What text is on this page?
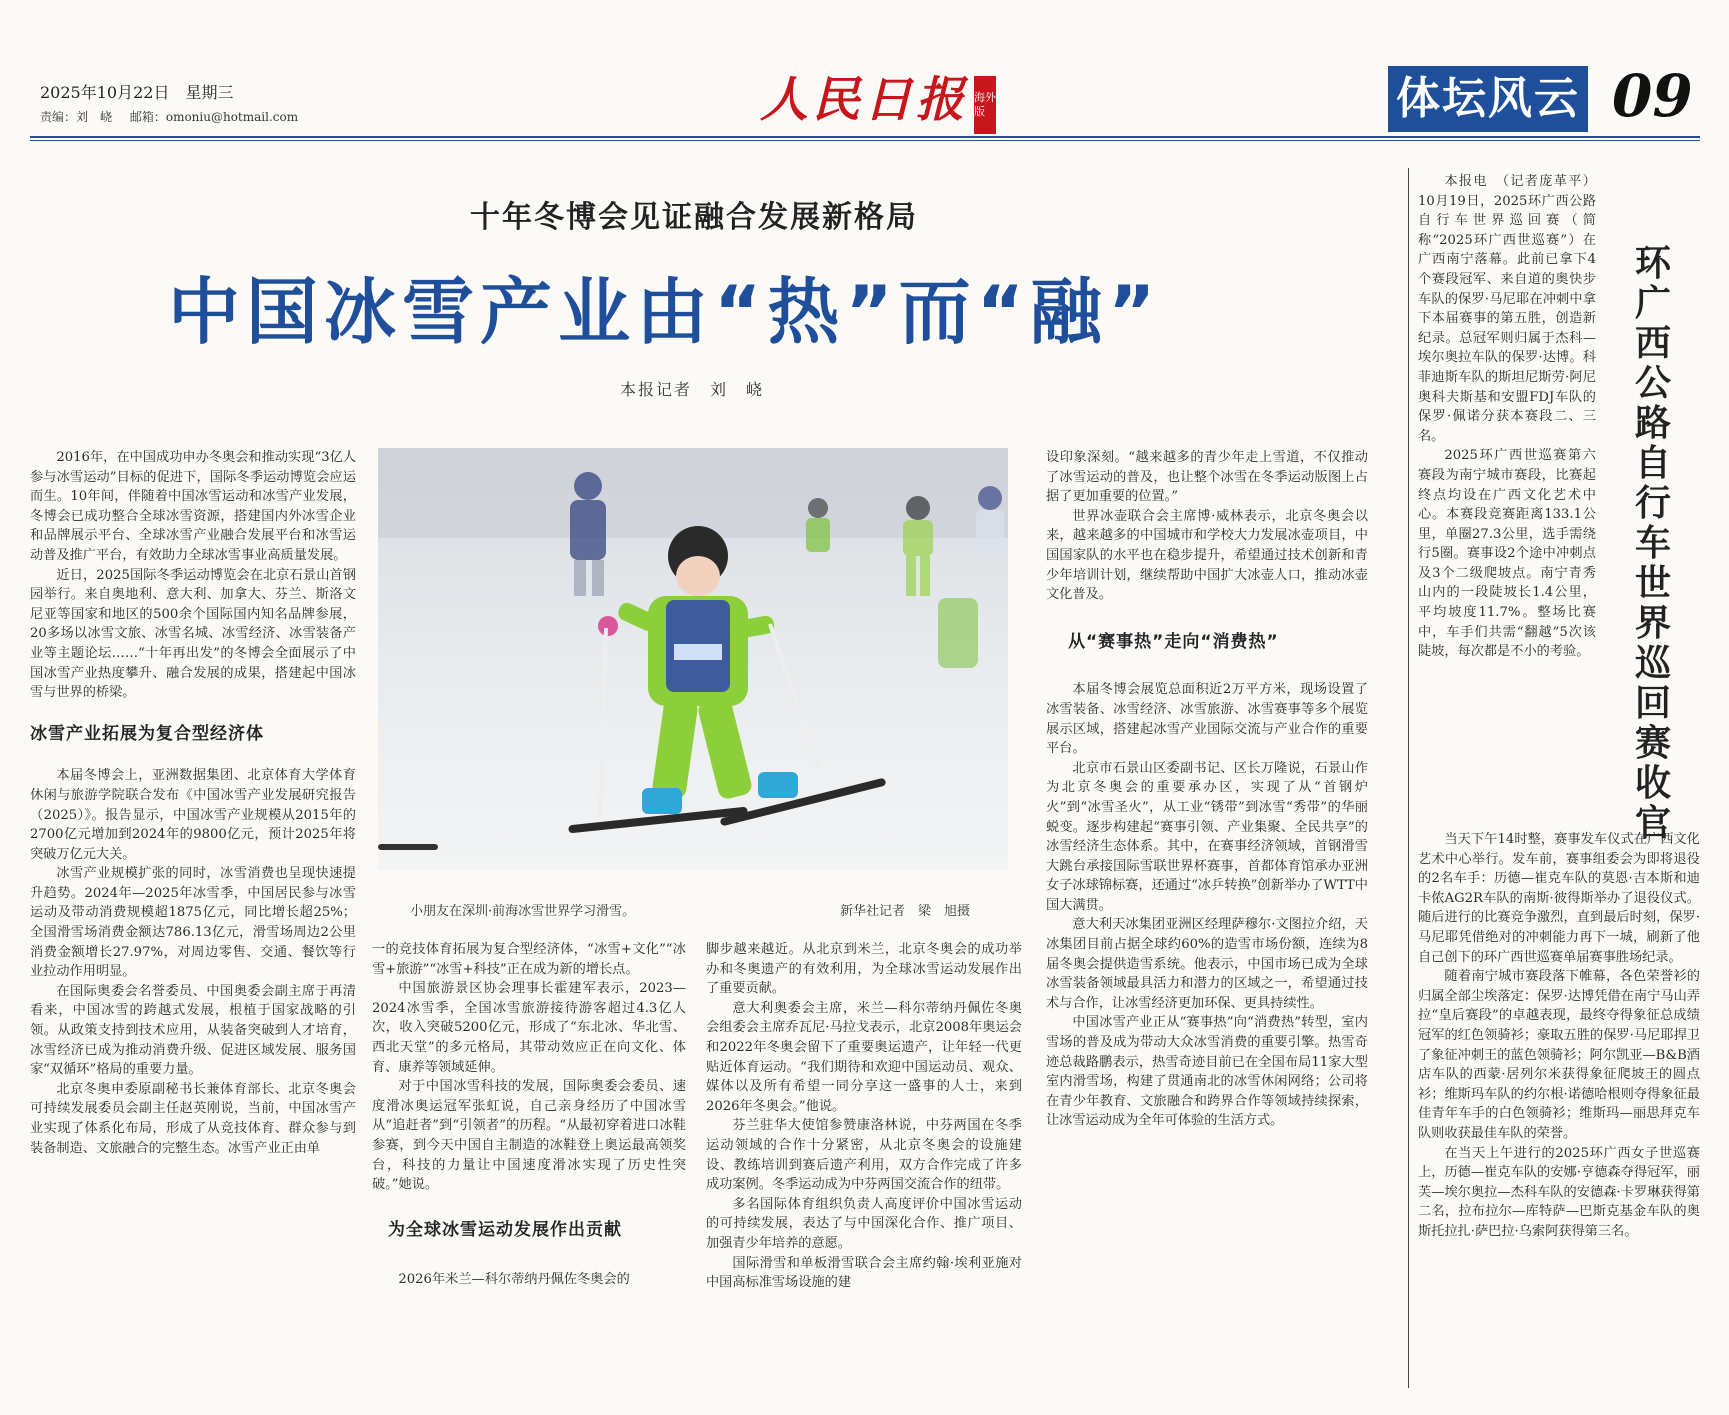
2025年10月22日　星期三
责编：刘　峣 邮箱：omoniu@hotmail.com	人民日报 海外版	体坛风云 09
十年冬博会见证融合发展新格局
中国冰雪产业由“热”而“融”
本报记者　刘　峣

2016年，在中国成功申办冬奥会和推动实现“3亿人参与冰雪运动”目标的促进下，国际冬季运动博览会应运而生。10年间，伴随着中国冰雪运动和冰雪产业发展，冬博会已成功整合全球冰雪资源，搭建国内外冰雪企业和品牌展示平台、全球冰雪产业融合发展平台和冰雪运动普及推广平台，有效助力全球冰雪事业高质量发展。

近日，2025国际冬季运动博览会在北京石景山首钢园举行。来自奥地利、意大利、加拿大、芬兰、斯洛文尼亚等国家和地区的500余个国际国内知名品牌参展，20多场以冰雪文旅、冰雪名城、冰雪经济、冰雪装备产业等主题论坛……“十年再出发”的冬博会全面展示了中国冰雪产业热度攀升、融合发展的成果，搭建起中国冰雪与世界的桥梁。

冰雪产业拓展为复合型经济体

本届冬博会上，亚洲数据集团、北京体育大学体育休闲与旅游学院联合发布《中国冰雪产业发展研究报告（2025）》。报告显示，中国冰雪产业规模从2015年的2700亿元增加到2024年的9800亿元，预计2025年将突破万亿元大关。

冰雪产业规模扩张的同时，冰雪消费也呈现快速提升趋势。2024年—2025年冰雪季，中国居民参与冰雪运动及带动消费规模超1875亿元，同比增长超25%；全国滑雪场消费金额达786.13亿元，滑雪场周边2公里消费金额增长27.97%，对周边零售、交通、餐饮等行业拉动作用明显。

在国际奥委会名誉委员、中国奥委会副主席于再清看来，中国冰雪的跨越式发展，根植于国家战略的引领。从政策支持到技术应用，从装备突破到人才培育，冰雪经济已成为推动消费升级、促进区域发展、服务国家“双循环”格局的重要力量。

北京冬奥申委原副秘书长兼体育部长、北京冬奥会可持续发展委员会副主任赵英刚说，当前，中国冰雪产业实现了体系化布局，形成了从竞技体育、群众参与到装备制造、文旅融合的完整生态。冰雪产业正由单

小朋友在深圳·前海冰雪世界学习滑雪。	新华社记者　梁　旭摄

一的竞技体育拓展为复合型经济体，“冰雪+文化”“冰雪+旅游”“冰雪+科技”正在成为新的增长点。

中国旅游景区协会理事长霍建军表示，2023—2024冰雪季，全国冰雪旅游接待游客超过4.3亿人次，收入突破5200亿元，形成了“东北冰、华北雪、西北天堂”的多元格局，其带动效应正在向文化、体育、康养等领域延伸。

对于中国冰雪科技的发展，国际奥委会委员、速度滑冰奥运冠军张虹说，自己亲身经历了中国冰雪从“追赶者”到“引领者”的历程。“从最初穿着进口冰鞋参赛，到今天中国自主制造的冰鞋登上奥运最高领奖台，科技的力量让中国速度滑冰实现了历史性突破。”她说。

为全球冰雪运动发展作出贡献

2026年米兰—科尔蒂纳丹佩佐冬奥会的

脚步越来越近。从北京到米兰，北京冬奥会的成功举办和冬奥遗产的有效利用，为全球冰雪运动发展作出了重要贡献。

意大利奥委会主席，米兰—科尔蒂纳丹佩佐冬奥会组委会主席乔瓦尼·马拉戈表示，北京2008年奥运会和2022年冬奥会留下了重要奥运遗产，让年轻一代更贴近体育运动。“我们期待和欢迎中国运动员、观众、媒体以及所有希望一同分享这一盛事的人士，来到2026年冬奥会。”他说。

芬兰驻华大使馆参赞康洛林说，中芬两国在冬季运动领域的合作十分紧密，从北京冬奥会的设施建设、教练培训到赛后遗产利用，双方合作完成了许多成功案例。冬季运动成为中芬两国交流合作的纽带。

多名国际体育组织负责人高度评价中国冰雪运动的可持续发展，表达了与中国深化合作、推广项目、加强青少年培养的意愿。

国际滑雪和单板滑雪联合会主席约翰·埃利亚施对中国高标准雪场设施的建

设印象深刻。“越来越多的青少年走上雪道，不仅推动了冰雪运动的普及，也让整个冰雪在冬季运动版图上占据了更加重要的位置。”

世界冰壶联合会主席博·威林表示，北京冬奥会以来，越来越多的中国城市和学校大力发展冰壶项目，中国国家队的水平也在稳步提升，希望通过技术创新和青少年培训计划，继续帮助中国扩大冰壶人口，推动冰壶文化普及。

从“赛事热”走向“消费热”

本届冬博会展览总面积近2万平方米，现场设置了冰雪装备、冰雪经济、冰雪旅游、冰雪赛事等多个展览展示区域，搭建起冰雪产业国际交流与产业合作的重要平台。

北京市石景山区委副书记、区长万隆说，石景山作为北京冬奥会的重要承办区，实现了从“首钢炉火”到“冰雪圣火”，从工业“锈带”到冰雪“秀带”的华丽蜕变。逐步构建起“赛事引领、产业集聚、全民共享”的冰雪经济生态体系。其中，在赛事经济领域，首钢滑雪大跳台承接国际雪联世界杯赛事，首都体育馆承办亚洲女子冰球锦标赛，还通过“冰乒转换”创新举办了WTT中国大满贯。

意大利天冰集团亚洲区经理萨穆尔·文图拉介绍，天冰集团目前占据全球约60%的造雪市场份额，连续为8届冬奥会提供造雪系统。他表示，中国市场已成为全球冰雪装备领域最具活力和潜力的区域之一，希望通过技术与合作，让冰雪经济更加环保、更具持续性。

中国冰雪产业正从“赛事热”向“消费热”转型，室内雪场的普及成为带动大众冰雪消费的重要引擎。热雪奇迹总裁路鹏表示，热雪奇迹目前已在全国布局11家大型室内滑雪场，构建了贯通南北的冰雪休闲网络；公司将在青少年教育、文旅融合和跨界合作等领域持续探索，让冰雪运动成为全年可体验的生活方式。

环广西公路自行车世界巡回赛收官

本报电　（记者庞革平）10月19日，2025环广西公路自行车世界巡回赛（简称“2025环广西世巡赛”）在广西南宁落幕。此前已拿下4个赛段冠军、来自道的奥快步车队的保罗·马尼耶在冲刺中拿下本届赛事的第五胜，创造新纪录。总冠军则归属于杰科—埃尔奥拉车队的保罗·达博。科菲迪斯车队的斯坦尼斯劳·阿尼奥科夫斯基和安盟FDJ车队的保罗·佩诺分获本赛段二、三名。

2025环广西世巡赛第六赛段为南宁城市赛段，比赛起终点均设在广西文化艺术中心。本赛段竞赛距离133.1公里，单圈27.3公里，选手需绕行5圈。赛事设2个途中冲刺点及3个二级爬坡点。南宁青秀山内的一段陡坡长1.4公里，平均坡度11.7%。整场比赛中，车手们共需“翻越”5次该陡坡，每次都是不小的考验。

当天下午14时整，赛事发车仪式在广西文化艺术中心举行。发车前，赛事组委会为即将退役的2名车手：历德—崔克车队的莫恩·吉本斯和迪卡侬AG2R车队的南斯·彼得斯举办了退役仪式。随后进行的比赛竞争激烈，直到最后时刻，保罗·马尼耶凭借绝对的冲刺能力再下一城，刷新了他自己创下的环广西世巡赛单届赛事胜场纪录。

随着南宁城市赛段落下帷幕，各色荣誉衫的归属全部尘埃落定：保罗·达博凭借在南宁马山弄拉“皇后赛段”的卓越表现，最终夺得象征总成绩冠军的红色领骑衫；豪取五胜的保罗·马尼耶捍卫了象征冲刺王的蓝色领骑衫；阿尔凯亚—B&B酒店车队的西蒙·居列尔米获得象征爬坡王的圆点衫；维斯玛车队的约尔根·诺德哈根则夺得象征最佳青年车手的白色领骑衫；维斯玛—丽思拜克车队则收获最佳车队的荣誉。

在当天上午进行的2025环广西女子世巡赛上，历德—崔克车队的安娜·亨德森夺得冠军，丽芙—埃尔奥拉—杰科车队的安德森·卡罗琳获得第二名，拉布拉尔—库特萨—巴斯克基金车队的奥斯托拉扎·萨巴拉·乌索阿获得第三名。
